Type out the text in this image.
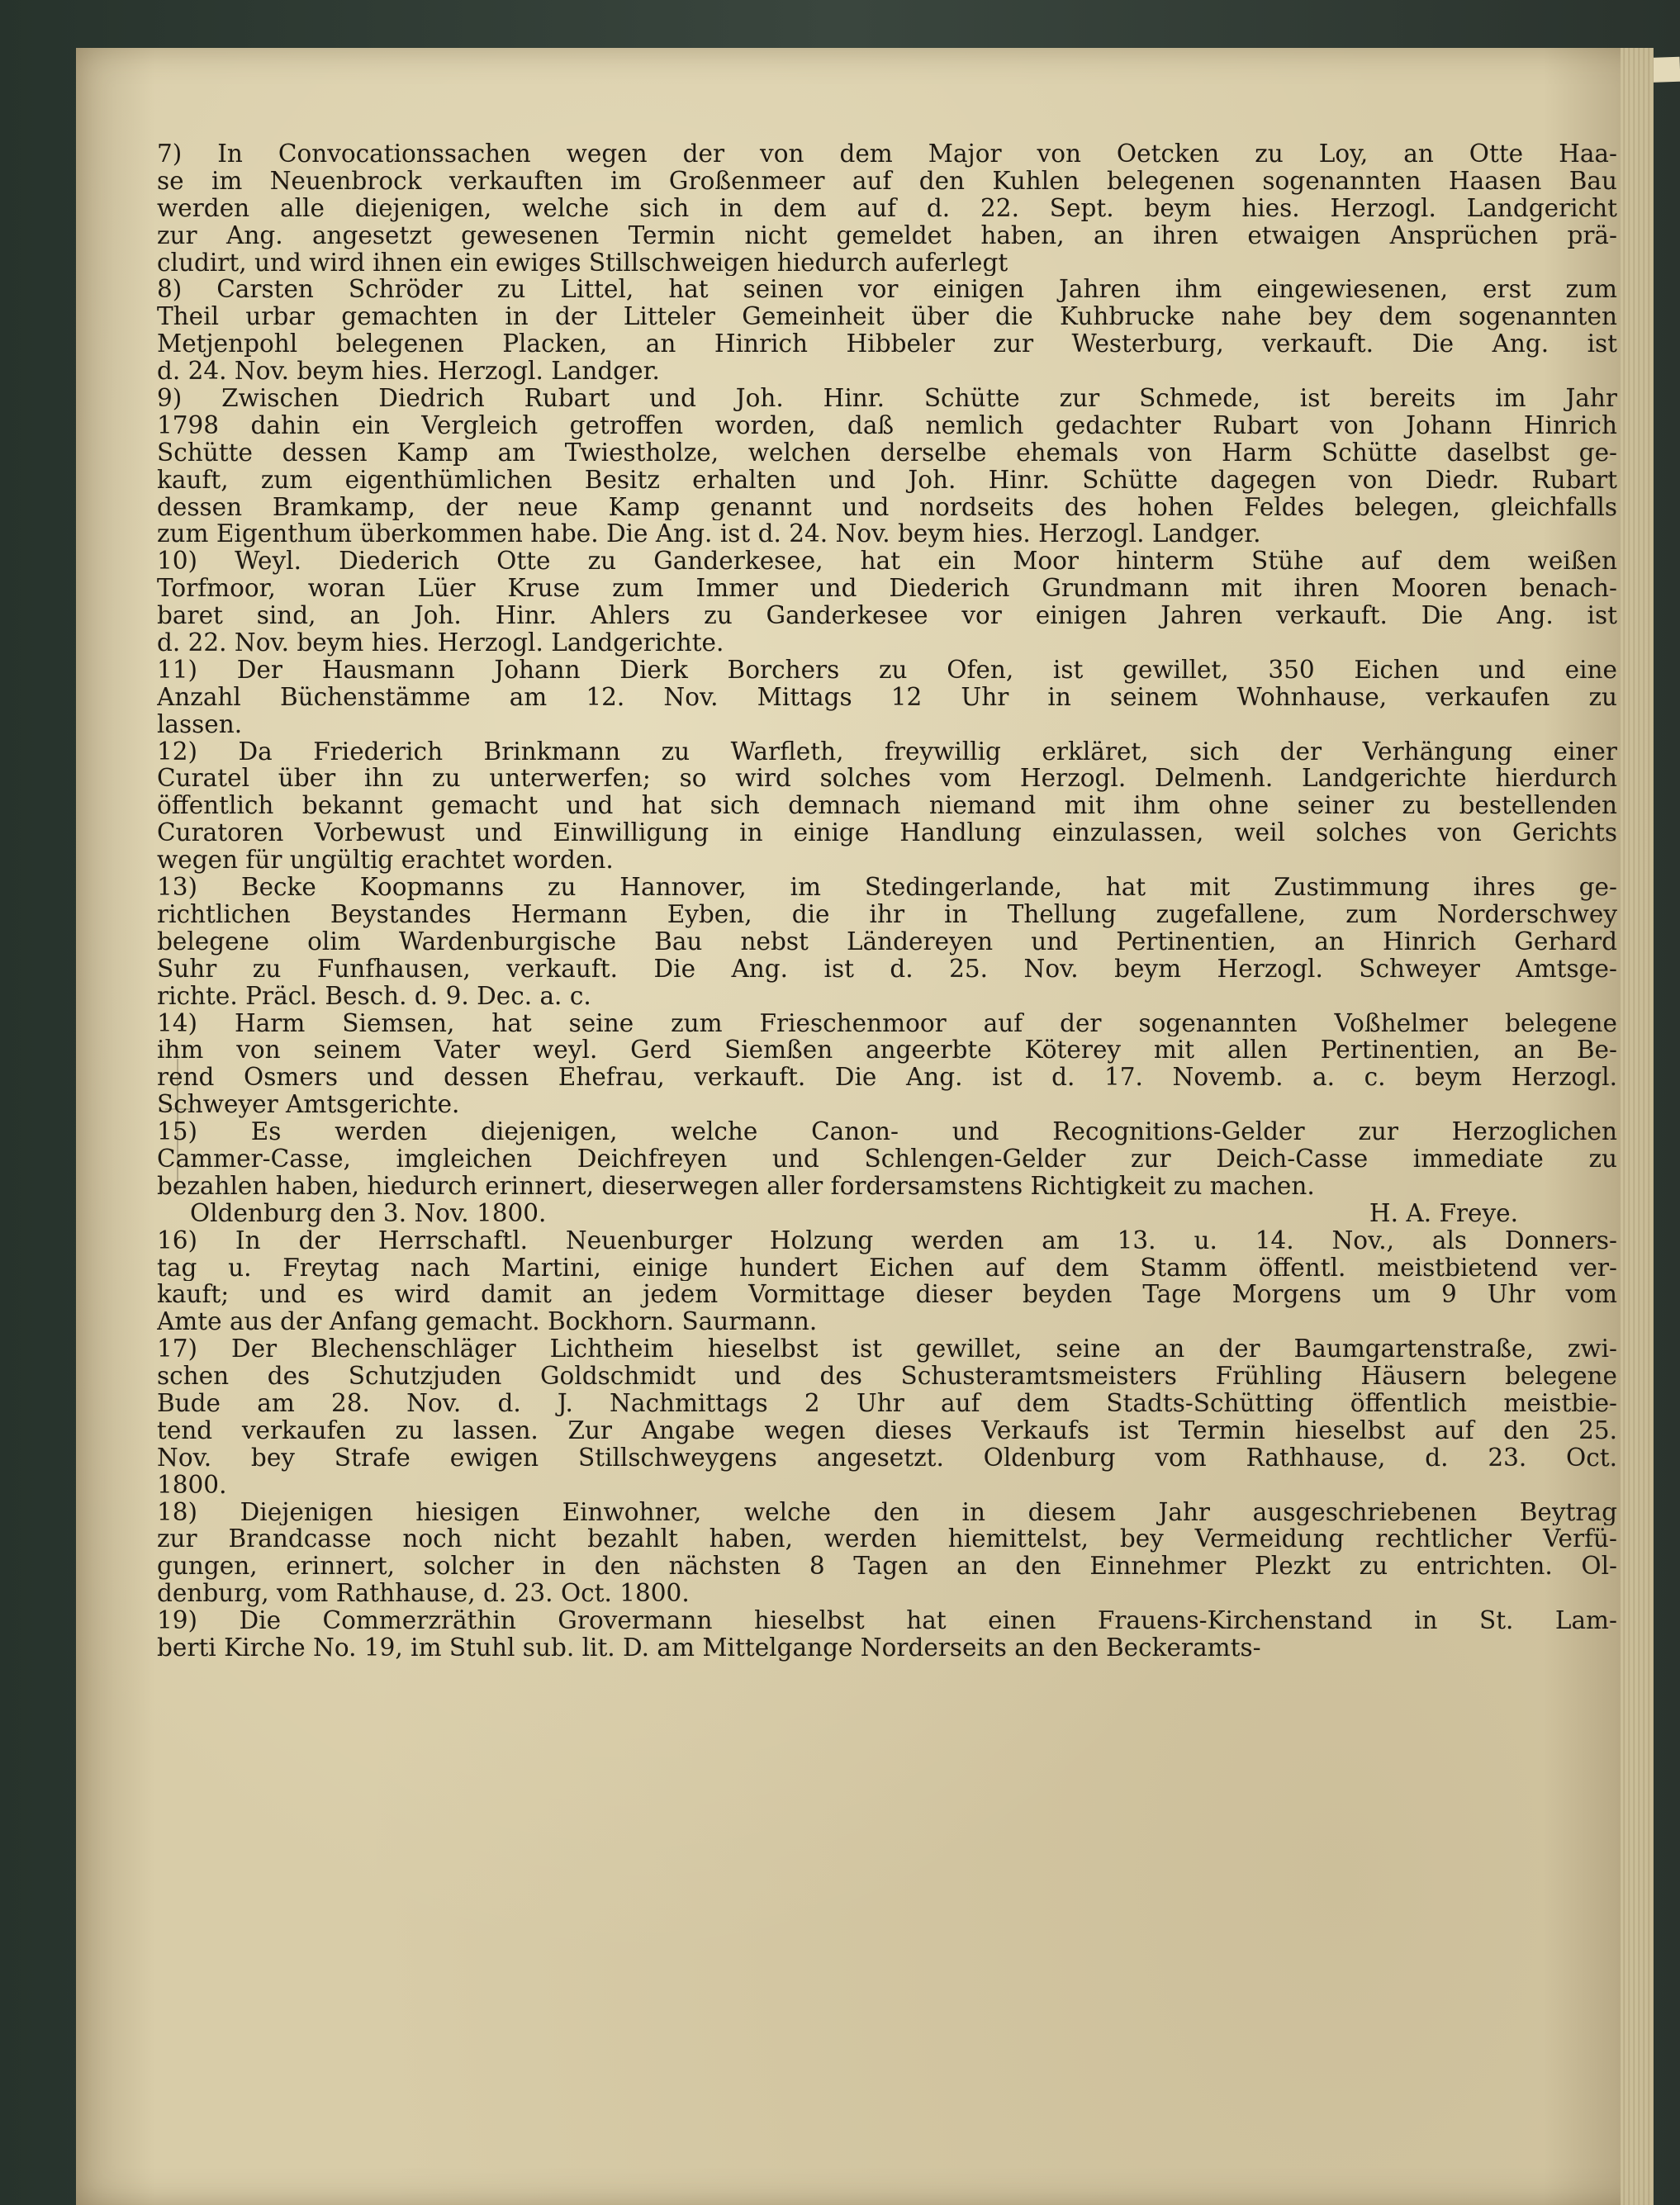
7) In Convocationssachen wegen der von dem Major von Oetcken zu Loy, an Otte Haa-
se im Neuenbrock verkauften im Großenmeer auf den Kuhlen belegenen sogenannten Haasen Bau
werden alle diejenigen, welche sich in dem auf d. 22. Sept. beym hies. Herzogl. Landgericht
zur Ang. angesetzt gewesenen Termin nicht gemeldet haben, an ihren etwaigen Ansprüchen prä-
cludirt, und wird ihnen ein ewiges Stillschweigen hiedurch auferlegt
8) Carsten Schröder zu Littel, hat seinen vor einigen Jahren ihm eingewiesenen, erst zum
Theil urbar gemachten in der Litteler Gemeinheit über die Kuhbrucke nahe bey dem sogenannten
Metjenpohl belegenen Placken, an Hinrich Hibbeler zur Westerburg, verkauft. Die Ang. ist
d. 24. Nov. beym hies. Herzogl. Landger.
9) Zwischen Diedrich Rubart und Joh. Hinr. Schütte zur Schmede, ist bereits im Jahr
1798 dahin ein Vergleich getroffen worden, daß nemlich gedachter Rubart von Johann Hinrich
Schütte dessen Kamp am Twiestholze, welchen derselbe ehemals von Harm Schütte daselbst ge-
kauft, zum eigenthümlichen Besitz erhalten und Joh. Hinr. Schütte dagegen von Diedr. Rubart
dessen Bramkamp, der neue Kamp genannt und nordseits des hohen Feldes belegen, gleichfalls
zum Eigenthum überkommen habe. Die Ang. ist d. 24. Nov. beym hies. Herzogl. Landger.
10) Weyl. Diederich Otte zu Ganderkesee, hat ein Moor hinterm Stühe auf dem weißen
Torfmoor, woran Lüer Kruse zum Immer und Diederich Grundmann mit ihren Mooren benach-
baret sind, an Joh. Hinr. Ahlers zu Ganderkesee vor einigen Jahren verkauft. Die Ang. ist
d. 22. Nov. beym hies. Herzogl. Landgerichte.
11) Der Hausmann Johann Dierk Borchers zu Ofen, ist gewillet, 350 Eichen und eine
Anzahl Büchenstämme am 12. Nov. Mittags 12 Uhr in seinem Wohnhause, verkaufen zu
lassen.
12) Da Friederich Brinkmann zu Warfleth, freywillig erkläret, sich der Verhängung einer
Curatel über ihn zu unterwerfen; so wird solches vom Herzogl. Delmenh. Landgerichte hierdurch
öffentlich bekannt gemacht und hat sich demnach niemand mit ihm ohne seiner zu bestellenden
Curatoren Vorbewust und Einwilligung in einige Handlung einzulassen, weil solches von Gerichts
wegen für ungültig erachtet worden.
13) Becke Koopmanns zu Hannover, im Stedingerlande, hat mit Zustimmung ihres ge-
richtlichen Beystandes Hermann Eyben, die ihr in Thellung zugefallene, zum Norderschwey
belegene olim Wardenburgische Bau nebst Ländereyen und Pertinentien, an Hinrich Gerhard
Suhr zu Funfhausen, verkauft. Die Ang. ist d. 25. Nov. beym Herzogl. Schweyer Amtsge-
richte. Präcl. Besch. d. 9. Dec. a. c.
14) Harm Siemsen, hat seine zum Frieschenmoor auf der sogenannten Voßhelmer belegene
ihm von seinem Vater weyl. Gerd Siemßen angeerbte Köterey mit allen Pertinentien, an Be-
rend Osmers und dessen Ehefrau, verkauft. Die Ang. ist d. 17. Novemb. a. c. beym Herzogl.
Schweyer Amtsgerichte.
15) Es werden diejenigen, welche Canon- und Recognitions-Gelder zur Herzoglichen
Cammer-Casse, imgleichen Deichfreyen und Schlengen-Gelder zur Deich-Casse immediate zu
bezahlen haben, hiedurch erinnert, dieserwegen aller fordersamstens Richtigkeit zu machen.
Oldenburg den 3. Nov. 1800.	H. A. Freye.
16) In der Herrschaftl. Neuenburger Holzung werden am 13. u. 14. Nov., als Donners-
tag u. Freytag nach Martini, einige hundert Eichen auf dem Stamm öffentl. meistbietend ver-
kauft; und es wird damit an jedem Vormittage dieser beyden Tage Morgens um 9 Uhr vom
Amte aus der Anfang gemacht. Bockhorn. Saurmann.
17) Der Blechenschläger Lichtheim hieselbst ist gewillet, seine an der Baumgartenstraße, zwi-
schen des Schutzjuden Goldschmidt und des Schusteramtsmeisters Frühling Häusern belegene
Bude am 28. Nov. d. J. Nachmittags 2 Uhr auf dem Stadts-Schütting öffentlich meistbie-
tend verkaufen zu lassen. Zur Angabe wegen dieses Verkaufs ist Termin hieselbst auf den 25.
Nov. bey Strafe ewigen Stillschweygens angesetzt. Oldenburg vom Rathhause, d. 23. Oct.
1800.
18) Diejenigen hiesigen Einwohner, welche den in diesem Jahr ausgeschriebenen Beytrag
zur Brandcasse noch nicht bezahlt haben, werden hiemittelst, bey Vermeidung rechtlicher Verfü-
gungen, erinnert, solcher in den nächsten 8 Tagen an den Einnehmer Plezkt zu entrichten. Ol-
denburg, vom Rathhause, d. 23. Oct. 1800.
19) Die Commerzräthin Grovermann hieselbst hat einen Frauens-Kirchenstand in St. Lam-
berti Kirche No. 19, im Stuhl sub. lit. D. am Mittelgange Norderseits an den Beckeramts-
